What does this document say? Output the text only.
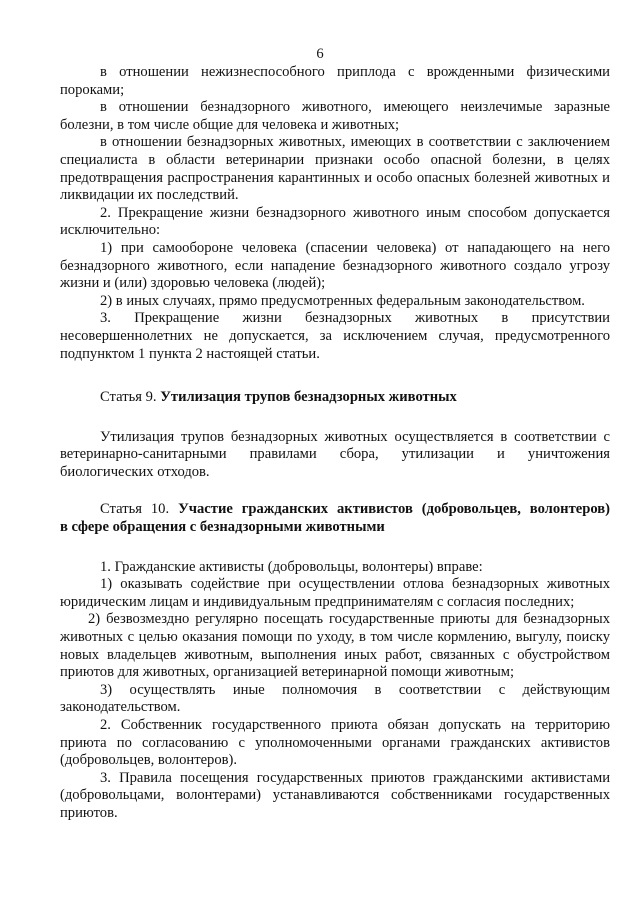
6

в отношении нежизнеспособного приплода с врожденными физическими пороками;

в отношении безнадзорного животного, имеющего неизлечимые заразные болезни, в том числе общие для человека и животных;

в отношении безнадзорных животных, имеющих в соответствии с заключением специалиста в области ветеринарии признаки особо опасной болезни, в целях предотвращения распространения карантинных и особо опасных болезней животных и ликвидации их последствий.

2. Прекращение жизни безнадзорного животного иным способом допускается исключительно:

1) при самообороне человека (спасении человека) от нападающего на него безнадзорного животного, если нападение безнадзорного животного создало угрозу жизни и (или) здоровью человека (людей);

2) в иных случаях, прямо предусмотренных федеральным законодательством.

3. Прекращение жизни безнадзорных животных в присутствии несовершеннолетних не допускается, за исключением случая, предусмотренного подпунктом 1 пункта 2 настоящей статьи.

Статья 9. Утилизация трупов безнадзорных животных

Утилизация трупов безнадзорных животных осуществляется в соответствии с ветеринарно-санитарными правилами сбора, утилизации и уничтожения биологических отходов.

Статья 10. Участие гражданских активистов (добровольцев, волонтеров)

в сфере обращения с безнадзорными животными

1. Гражданские активисты (добровольцы, волонтеры) вправе:

1) оказывать содействие при осуществлении отлова безнадзорных животных юридическим лицам и индивидуальным предпринимателям с согласия последних;

2) безвозмездно регулярно посещать государственные приюты для безнадзорных животных с целью оказания помощи по уходу, в том числе кормлению, выгулу, поиску новых владельцев животным, выполнения иных работ, связанных с обустройством приютов для животных, организацией ветеринарной помощи животным;

3) осуществлять иные полномочия в соответствии с действующим законодательством.

2. Собственник государственного приюта обязан допускать на территорию приюта по согласованию с уполномоченными органами гражданских активистов (добровольцев, волонтеров).

3. Правила посещения государственных приютов гражданскими активистами (добровольцами, волонтерами) устанавливаются собственниками государственных приютов.
